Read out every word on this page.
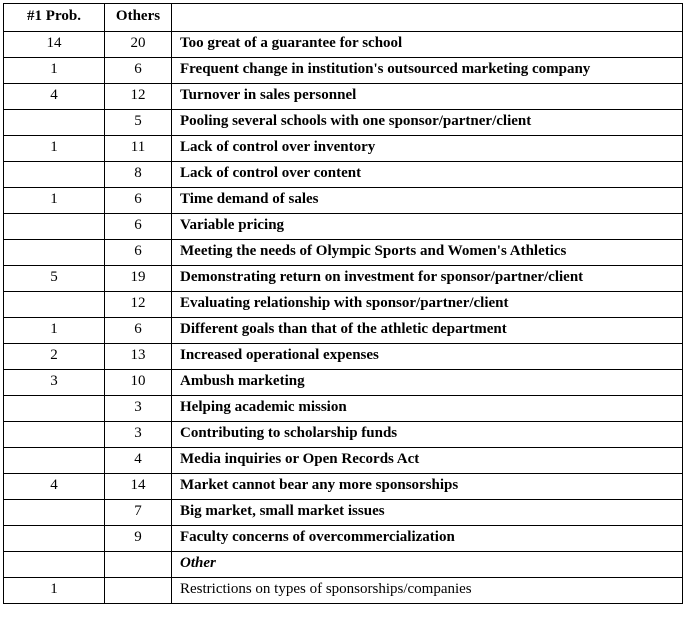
#1 Prob.	Others	
14	20	Too great of a guarantee for school
1	6	Frequent change in institution's outsourced marketing company
4	12	Turnover in sales personnel
	5	Pooling several schools with one sponsor/partner/client
1	11	Lack of control over inventory
	8	Lack of control over content
1	6	Time demand of sales
	6	Variable pricing
	6	Meeting the needs of Olympic Sports and Women's Athletics
5	19	Demonstrating return on investment for sponsor/partner/client
	12	Evaluating relationship with sponsor/partner/client
1	6	Different goals than that of the athletic department
2	13	Increased operational expenses
3	10	Ambush marketing
	3	Helping academic mission
	3	Contributing to scholarship funds
	4	Media inquiries or Open Records Act
4	14	Market cannot bear any more sponsorships
	7	Big market, small market issues
	9	Faculty concerns of overcommercialization
		Other
1		Restrictions on types of sponsorships/companies
